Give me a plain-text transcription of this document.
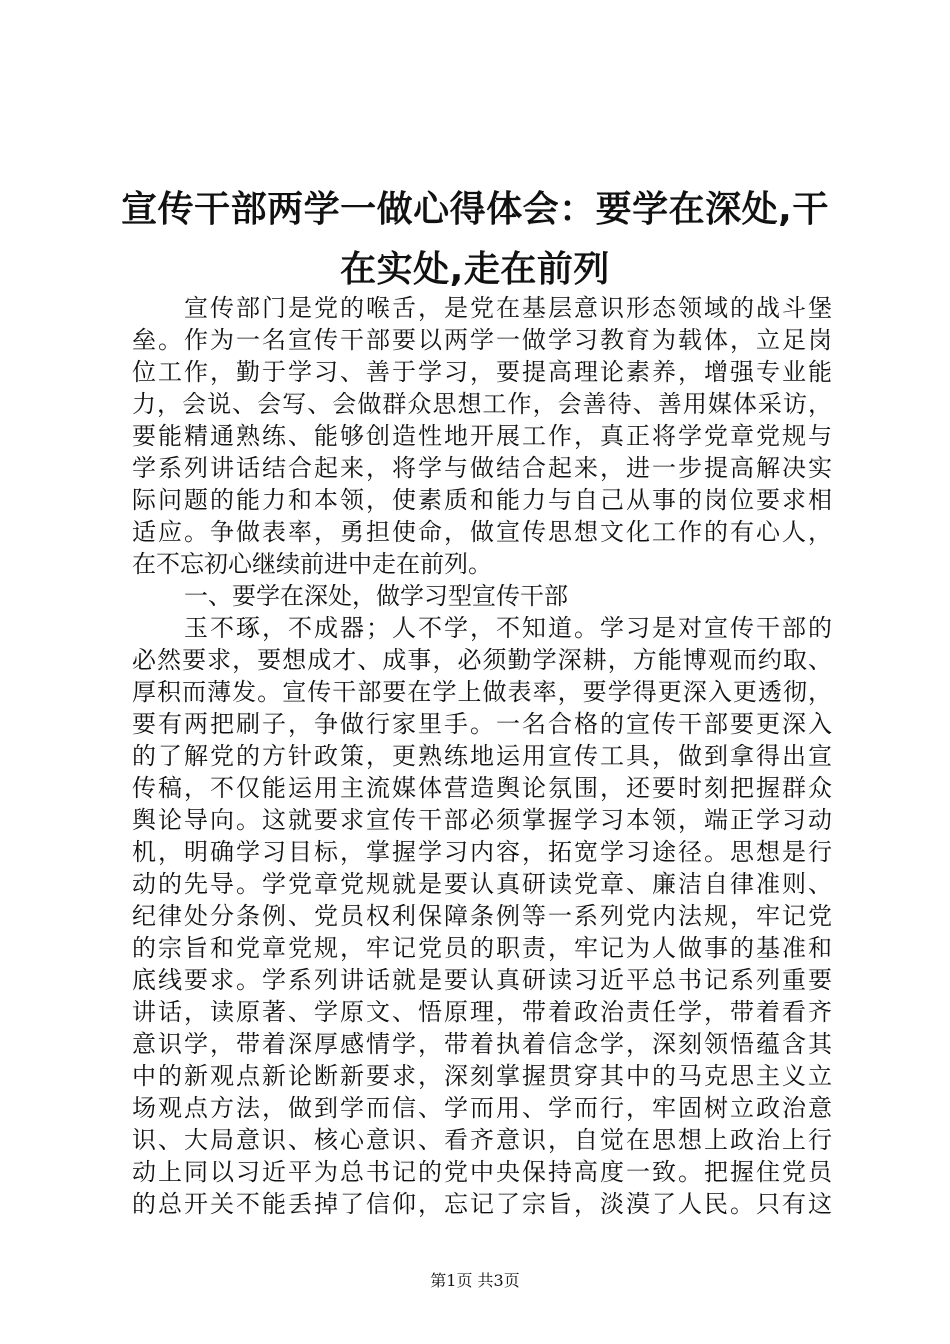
宣传干部两学一做心得体会：要学在深处,干
在实处,走在前列
宣传部门是党的喉舌，是党在基层意识形态领域的战斗堡
垒。作为一名宣传干部要以两学一做学习教育为载体，立足岗
位工作，勤于学习、善于学习，要提高理论素养，增强专业能
力，会说、会写、会做群众思想工作，会善待、善用媒体采访，
要能精通熟练、能够创造性地开展工作，真正将学党章党规与
学系列讲话结合起来，将学与做结合起来，进一步提高解决实
际问题的能力和本领，使素质和能力与自己从事的岗位要求相
适应。争做表率，勇担使命，做宣传思想文化工作的有心人，
在不忘初心继续前进中走在前列。
一、要学在深处，做学习型宣传干部
玉不琢，不成器；人不学，不知道。学习是对宣传干部的
必然要求，要想成才、成事，必须勤学深耕，方能博观而约取、
厚积而薄发。宣传干部要在学上做表率，要学得更深入更透彻，
要有两把刷子，争做行家里手。一名合格的宣传干部要更深入
的了解党的方针政策，更熟练地运用宣传工具，做到拿得出宣
传稿，不仅能运用主流媒体营造舆论氛围，还要时刻把握群众
舆论导向。这就要求宣传干部必须掌握学习本领，端正学习动
机，明确学习目标，掌握学习内容，拓宽学习途径。思想是行
动的先导。学党章党规就是要认真研读党章、廉洁自律准则、
纪律处分条例、党员权利保障条例等一系列党内法规，牢记党
的宗旨和党章党规，牢记党员的职责，牢记为人做事的基准和
底线要求。学系列讲话就是要认真研读习近平总书记系列重要
讲话，读原著、学原文、悟原理，带着政治责任学，带着看齐
意识学，带着深厚感情学，带着执着信念学，深刻领悟蕴含其
中的新观点新论断新要求，深刻掌握贯穿其中的马克思主义立
场观点方法，做到学而信、学而用、学而行，牢固树立政治意
识、大局意识、核心意识、看齐意识，自觉在思想上政治上行
动上同以习近平为总书记的党中央保持高度一致。把握住党员
的总开关不能丢掉了信仰，忘记了宗旨，淡漠了人民。只有这
第1页 共3页
